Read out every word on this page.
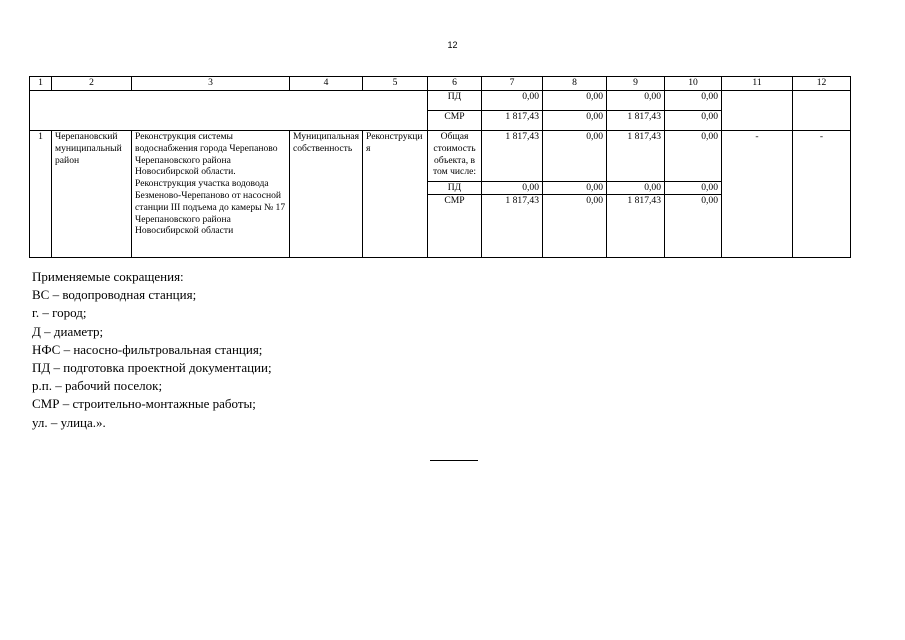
12
1	2	3	4	5	6	7	8	9	10	11	12
					ПД	0,00	0,00	0,00	0,00		
					СМР	1 817,43	0,00	1 817,43	0,00		
1	Черепановский муниципальный район	Реконструкция системы водоснабжения города Черепаново Черепановского района Новосибирской области. Реконструкция участка водовода Безменово-Черепаново от насосной станции III подъема до камеры № 17 Черепановского района Новосибирской области	Муниципальная собственность	Реконструкци я	Общая стоимость объекта, в том числе:	1 817,43	0,00	1 817,43	0,00	-	-
					ПД	0,00	0,00	0,00	0,00		
					СМР	1 817,43	0,00	1 817,43	0,00		
Применяемые сокращения:
ВС – водопроводная станция;
г. – город;
Д – диаметр;
НФС – насосно-фильтровальная станция;
ПД – подготовка проектной документации;
р.п. – рабочий поселок;
СМР – строительно-монтажные работы;
ул. – улица.».
